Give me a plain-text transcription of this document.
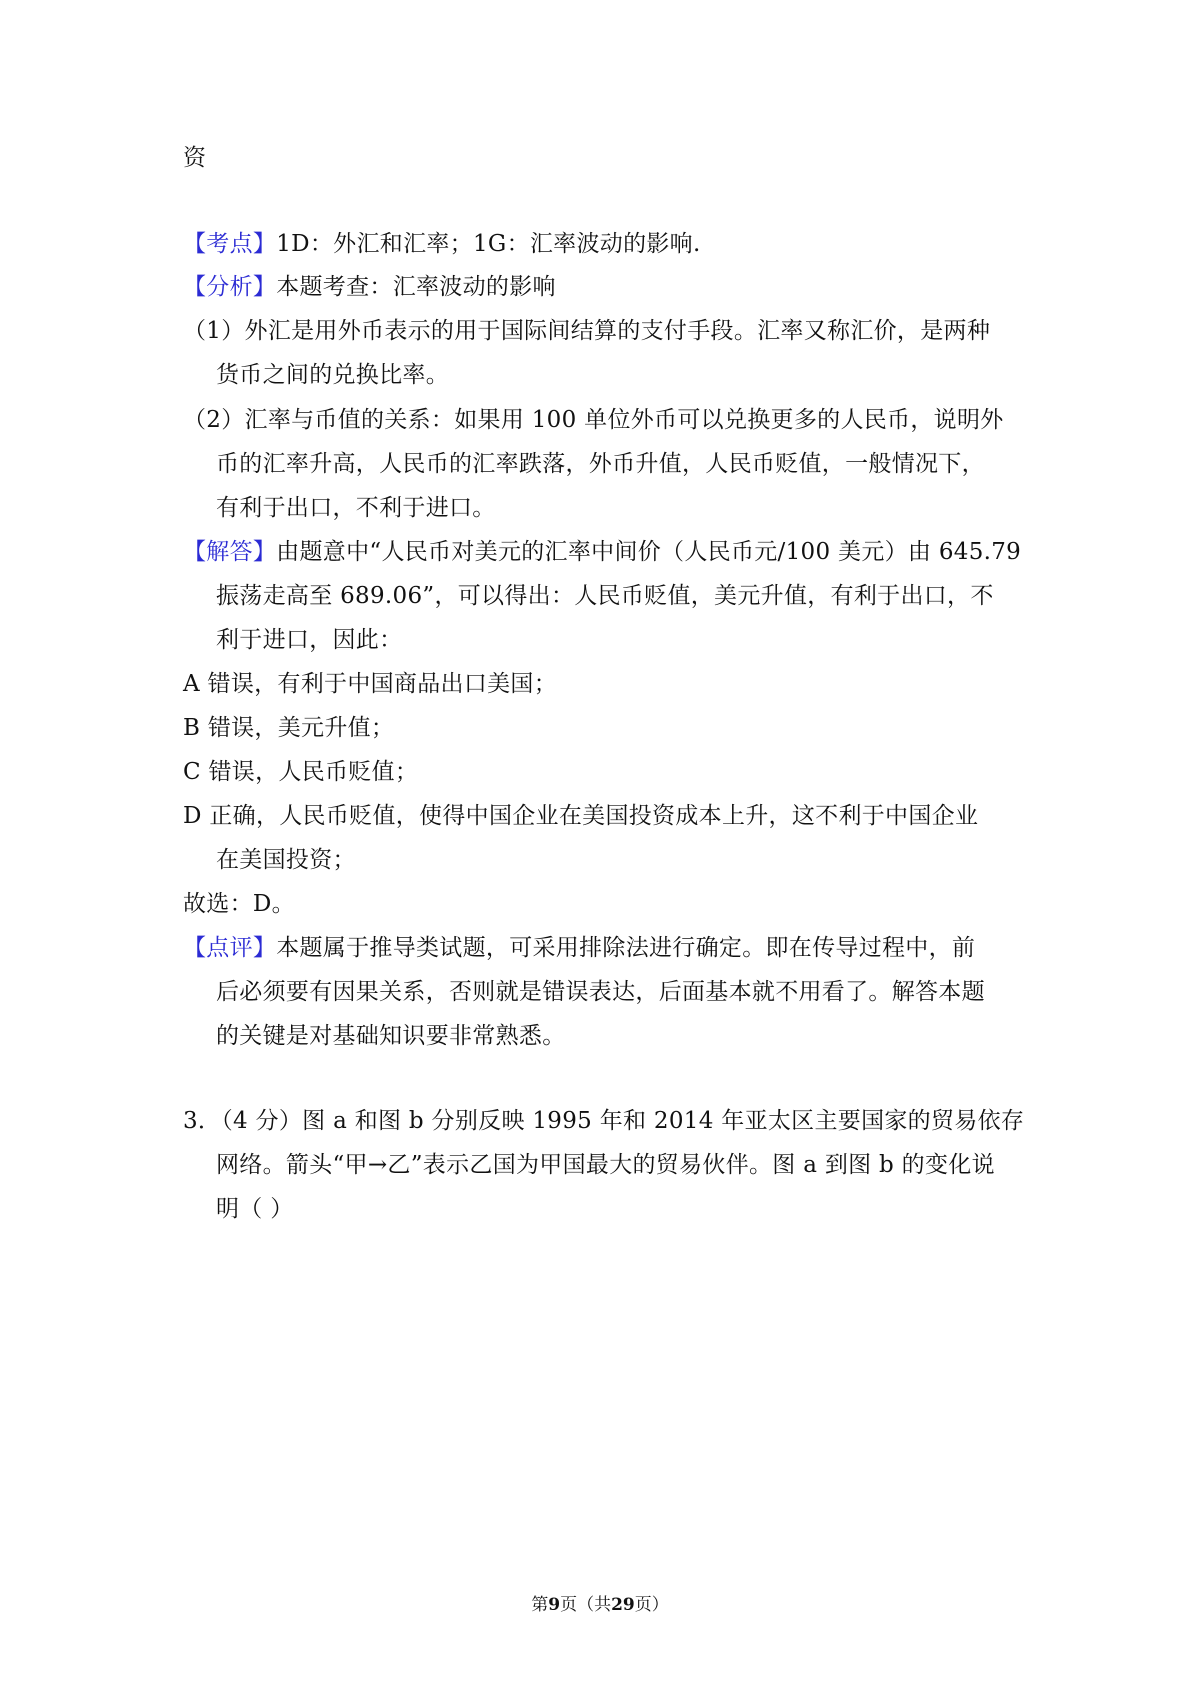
资
【考点】1D：外汇和汇率；1G：汇率波动的影响.
【分析】本题考查：汇率波动的影响
（1）外汇是用外币表示的用于国际间结算的支付手段。汇率又称汇价，是两种
货币之间的兑换比率。
（2）汇率与币值的关系：如果用 100 单位外币可以兑换更多的人民币，说明外
币的汇率升高，人民币的汇率跌落，外币升值，人民币贬值，一般情况下，
有利于出口，不利于进口。
【解答】由题意中“人民币对美元的汇率中间价（人民币元/100 美元）由 645.79
振荡走高至 689.06”，可以得出：人民币贬值，美元升值，有利于出口，不
利于进口，因此：
A 错误，有利于中国商品出口美国；
B 错误，美元升值；
C 错误，人民币贬值；
D 正确，人民币贬值，使得中国企业在美国投资成本上升，这不利于中国企业
在美国投资；
故选：D。
【点评】本题属于推导类试题，可采用排除法进行确定。即在传导过程中，前
后必须要有因果关系，否则就是错误表达，后面基本就不用看了。解答本题
的关键是对基础知识要非常熟悉。
3．（4 分）图 a 和图 b 分别反映 1995 年和 2014 年亚太区主要国家的贸易依存
网络。箭头“甲→乙”表示乙国为甲国最大的贸易伙伴。图 a 到图 b 的变化说
明（ ）
第9页（共29页）
